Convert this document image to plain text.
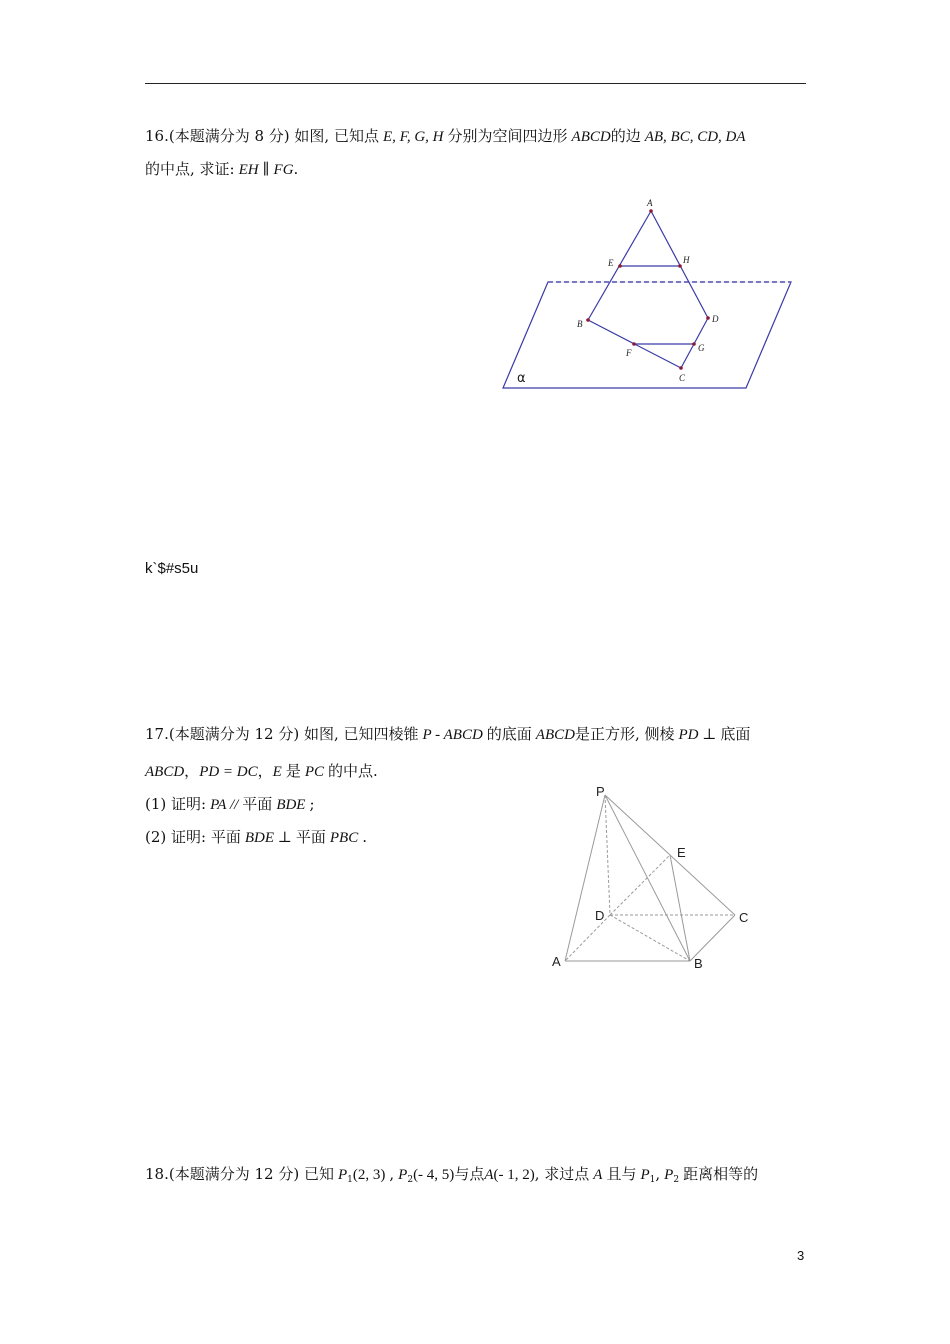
16.(本题满分为 8 分) 如图, 已知点 E, F, G, H 分别为空间四边形 ABCD的边 AB, BC, CD, DA
的中点, 求证: EH ∥ FG.
A
E	H
B	D
F	G
C
α
P
E
D	C
A	B
k`$#s5u
17.(本题满分为 12 分) 如图, 已知四棱锥 P - ABCD 的底面 ABCD是正方形, 侧棱 PD ⊥ 底面
ABCD，PD = DC，E 是 PC 的中点.
(1) 证明: PA // 平面 BDE ;
(2) 证明: 平面 BDE ⊥ 平面 PBC .
18.(本题满分为 12 分) 已知 $P_1(2$, 3) , $P_2(-$ 4, 5)与点A(- 1, 2), 求过点 A 且与 $P_1$, $P_2$ 距离相等的
3
